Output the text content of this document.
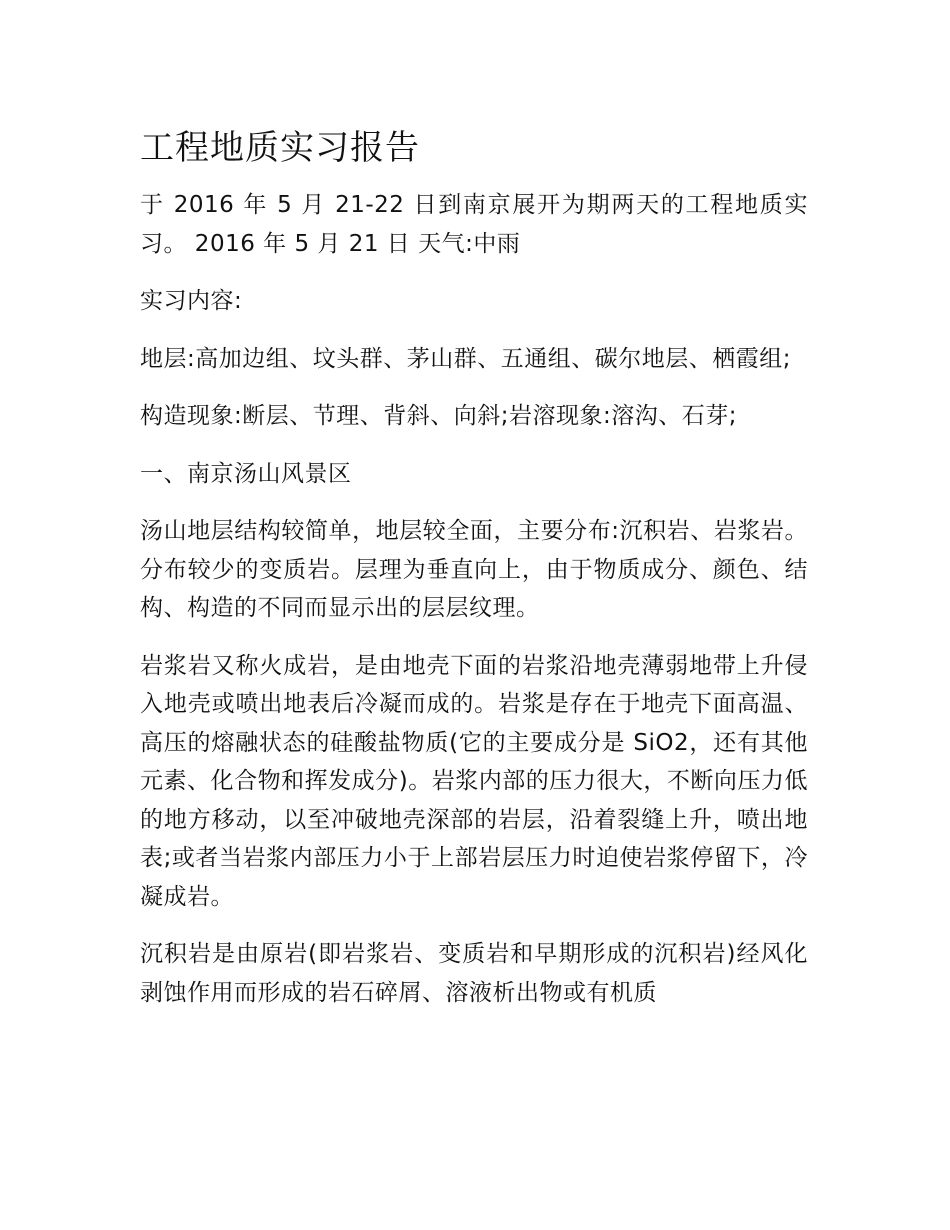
工程地质实习报告

于 2016 年 5 月 21-22 日到南京展开为期两天的工程地质实习。 2016 年 5 月 21 日 天气:中雨

实习内容:

地层:高加边组、坟头群、茅山群、五通组、碳尔地层、栖霞组;

构造现象:断层、节理、背斜、向斜;岩溶现象:溶沟、石芽;

一、南京汤山风景区

汤山地层结构较简单，地层较全面，主要分布:沉积岩、岩浆岩。分布较少的变质岩。层理为垂直向上，由于物质成分、颜色、结构、构造的不同而显示出的层层纹理。

岩浆岩又称火成岩，是由地壳下面的岩浆沿地壳薄弱地带上升侵入地壳或喷出地表后冷凝而成的。岩浆是存在于地壳下面高温、高压的熔融状态的硅酸盐物质(它的主要成分是 SiO2，还有其他元素、化合物和挥发成分)。岩浆内部的压力很大，不断向压力低的地方移动，以至冲破地壳深部的岩层，沿着裂缝上升，喷出地表;或者当岩浆内部压力小于上部岩层压力时迫使岩浆停留下，冷凝成岩。

沉积岩是由原岩(即岩浆岩、变质岩和早期形成的沉积岩)经风化剥蚀作用而形成的岩石碎屑、溶液析出物或有机质
